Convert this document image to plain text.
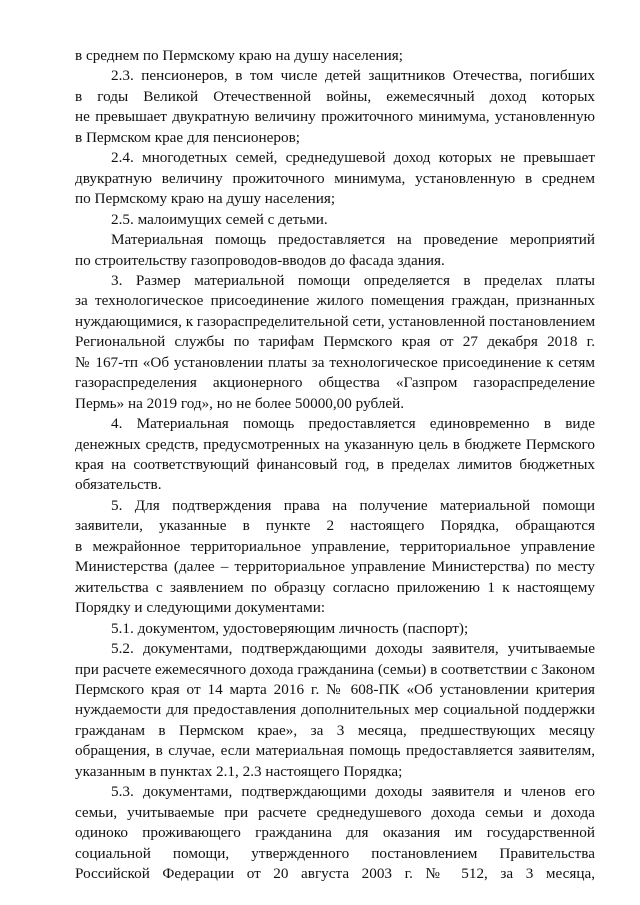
в среднем по Пермскому краю на душу населения;
2.3. пенсионеров, в том числе детей защитников Отечества, погибших
в годы Великой Отечественной войны, ежемесячный доход которых
не превышает двукратную величину прожиточного минимума, установленную
в Пермском крае для пенсионеров;
2.4. многодетных семей, среднедушевой доход которых не превышает
двукратную величину прожиточного минимума, установленную в среднем
по Пермскому краю на душу населения;
2.5. малоимущих семей с детьми.
Материальная помощь предоставляется на проведение мероприятий
по строительству газопроводов-вводов до фасада здания.
3. Размер материальной помощи определяется в пределах платы
за технологическое присоединение жилого помещения граждан, признанных
нуждающимися, к газораспределительной сети, установленной постановлением
Региональной службы по тарифам Пермского края от 27 декабря 2018 г.
№ 167-тп «Об установлении платы за технологическое присоединение к сетям
газораспределения акционерного общества «Газпром газораспределение
Пермь» на 2019 год», но не более 50000,00 рублей.
4. Материальная помощь предоставляется единовременно в виде
денежных средств, предусмотренных на указанную цель в бюджете Пермского
края на соответствующий финансовый год, в пределах лимитов бюджетных
обязательств.
5. Для подтверждения права на получение материальной помощи
заявители, указанные в пункте 2 настоящего Порядка, обращаются
в межрайонное территориальное управление, территориальное управление
Министерства (далее – территориальное управление Министерства) по месту
жительства с заявлением по образцу согласно приложению 1 к настоящему
Порядку и следующими документами:
5.1. документом, удостоверяющим личность (паспорт);
5.2. документами, подтверждающими доходы заявителя, учитываемые
при расчете ежемесячного дохода гражданина (семьи) в соответствии с Законом
Пермского края от 14 марта 2016 г. № 608-ПК «Об установлении критерия
нуждаемости для предоставления дополнительных мер социальной поддержки
гражданам в Пермском крае», за 3 месяца, предшествующих месяцу
обращения, в случае, если материальная помощь предоставляется заявителям,
указанным в пунктах 2.1, 2.3 настоящего Порядка;
5.3. документами, подтверждающими доходы заявителя и членов его
семьи, учитываемые при расчете среднедушевого дохода семьи и дохода
одиноко проживающего гражданина для оказания им государственной
социальной помощи, утвержденного постановлением Правительства
Российской Федерации от 20 августа 2003 г. № 512, за 3 месяца,
